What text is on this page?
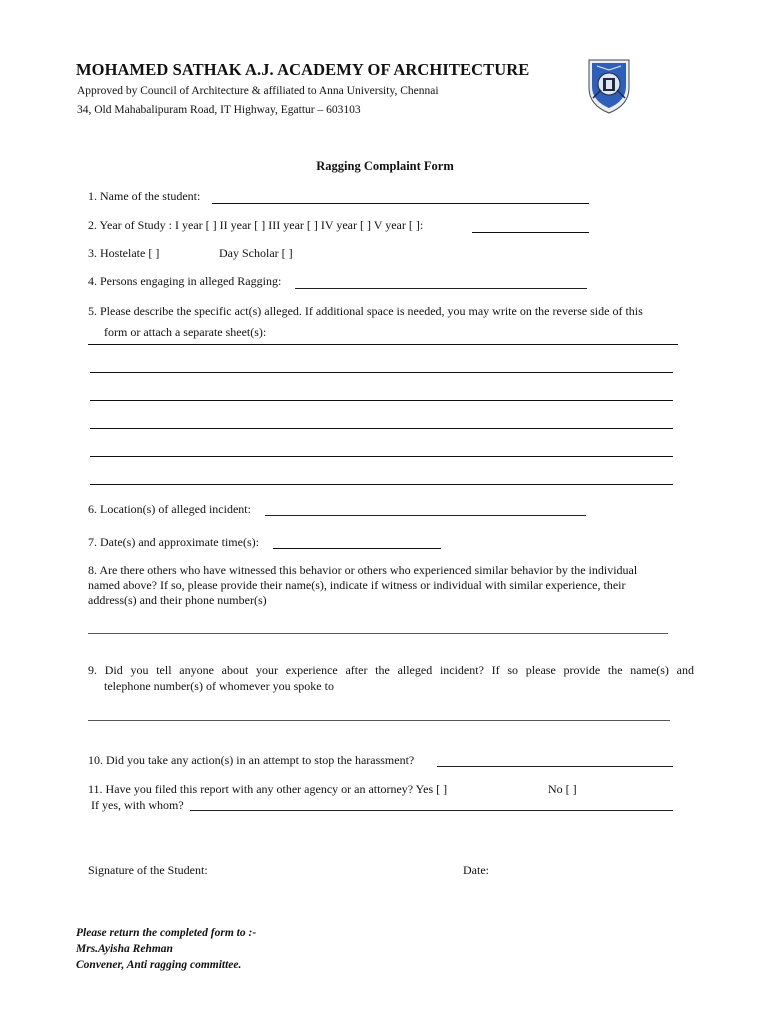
MOHAMED SATHAK A.J. ACADEMY OF ARCHITECTURE
Approved by Council of Architecture & affiliated to Anna University, Chennai
34, Old Mahabalipuram Road, IT Highway, Egattur – 603103
Ragging Complaint Form
1. Name of the student:
2. Year of Study : I year [ ] II year [ ] III year [ ] IV year [ ] V year [ ]:
3. Hostelate [ ]	Day Scholar [ ]
4. Persons engaging in alleged Ragging:
5. Please describe the specific act(s) alleged. If additional space is needed, you may write on the reverse side of this
form or attach a separate sheet(s):
6. Location(s) of alleged incident:
7. Date(s) and approximate time(s):
8. Are there others who have witnessed this behavior or others who experienced similar behavior by the individual
named above? If so, please provide their name(s), indicate if witness or individual with similar experience, their
address(s) and their phone number(s)
9. Did you tell anyone about your experience after the alleged incident? If so please provide the name(s) and
telephone number(s) of whomever you spoke to
10. Did you take any action(s) in an attempt to stop the harassment?
11. Have you filed this report with any other agency or an attorney? Yes [ ]	No [ ]
If yes, with whom?
Signature of the Student:	Date:
Please return the completed form to :-
Mrs.Ayisha Rehman
Convener, Anti ragging committee.
